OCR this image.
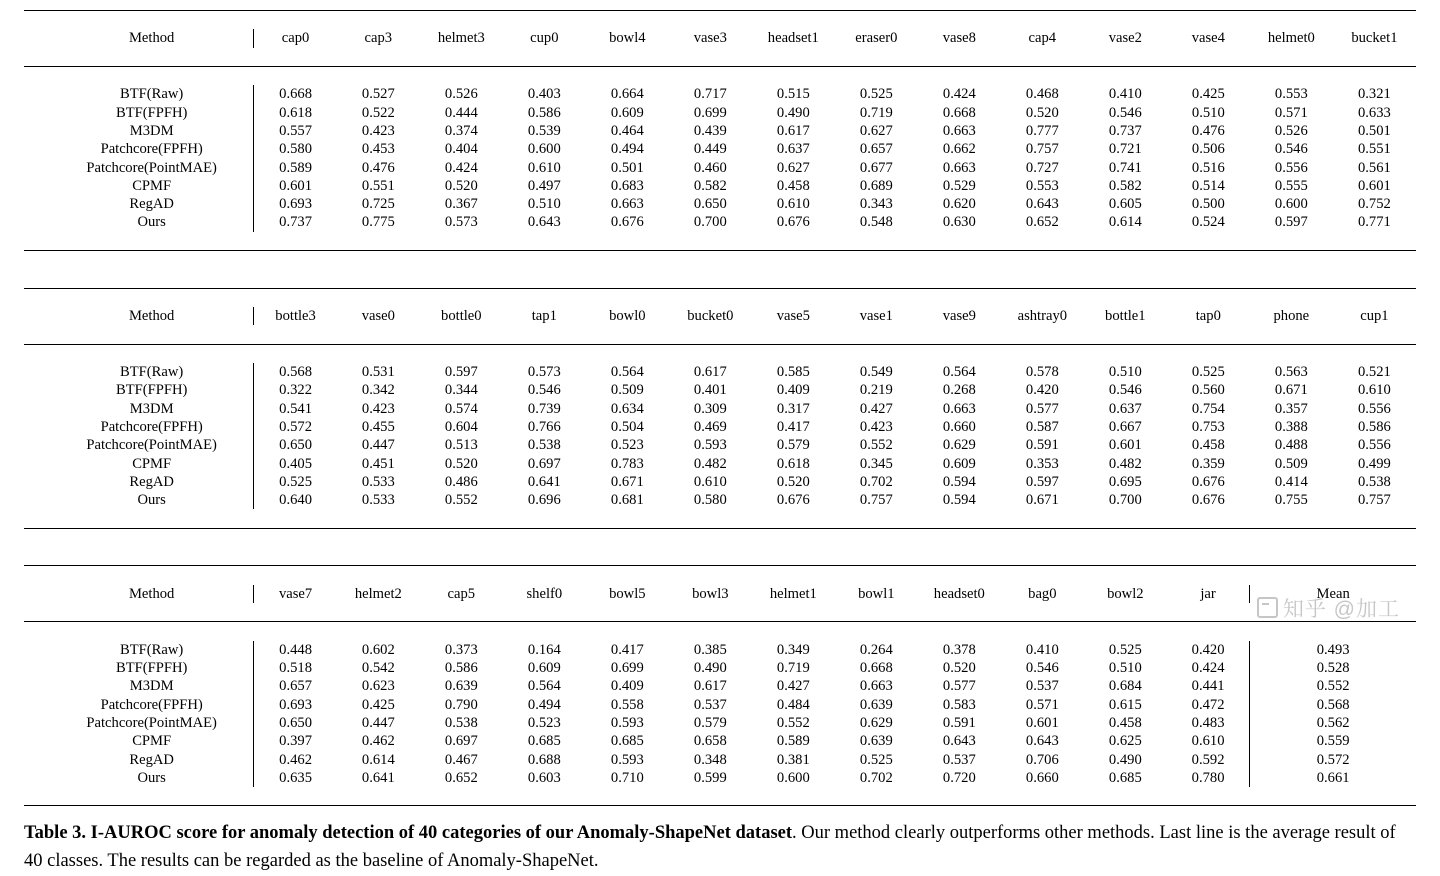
Method	cap0	cap3	helmet3	cup0	bowl4	vase3	headset1	eraser0	vase8	cap4	vase2	vase4	helmet0	bucket1

BTF(Raw)	0.668	0.527	0.526	0.403	0.664	0.717	0.515	0.525	0.424	0.468	0.410	0.425	0.553	0.321
BTF(FPFH)	0.618	0.522	0.444	0.586	0.609	0.699	0.490	0.719	0.668	0.520	0.546	0.510	0.571	0.633
M3DM	0.557	0.423	0.374	0.539	0.464	0.439	0.617	0.627	0.663	0.777	0.737	0.476	0.526	0.501
Patchcore(FPFH)	0.580	0.453	0.404	0.600	0.494	0.449	0.637	0.657	0.662	0.757	0.721	0.506	0.546	0.551
Patchcore(PointMAE)	0.589	0.476	0.424	0.610	0.501	0.460	0.627	0.677	0.663	0.727	0.741	0.516	0.556	0.561
CPMF	0.601	0.551	0.520	0.497	0.683	0.582	0.458	0.689	0.529	0.553	0.582	0.514	0.555	0.601
RegAD	0.693	0.725	0.367	0.510	0.663	0.650	0.610	0.343	0.620	0.643	0.605	0.500	0.600	0.752
Ours	0.737	0.775	0.573	0.643	0.676	0.700	0.676	0.548	0.630	0.652	0.614	0.524	0.597	0.771

Method	bottle3	vase0	bottle0	tap1	bowl0	bucket0	vase5	vase1	vase9	ashtray0	bottle1	tap0	phone	cup1

BTF(Raw)	0.568	0.531	0.597	0.573	0.564	0.617	0.585	0.549	0.564	0.578	0.510	0.525	0.563	0.521
BTF(FPFH)	0.322	0.342	0.344	0.546	0.509	0.401	0.409	0.219	0.268	0.420	0.546	0.560	0.671	0.610
M3DM	0.541	0.423	0.574	0.739	0.634	0.309	0.317	0.427	0.663	0.577	0.637	0.754	0.357	0.556
Patchcore(FPFH)	0.572	0.455	0.604	0.766	0.504	0.469	0.417	0.423	0.660	0.587	0.667	0.753	0.388	0.586
Patchcore(PointMAE)	0.650	0.447	0.513	0.538	0.523	0.593	0.579	0.552	0.629	0.591	0.601	0.458	0.488	0.556
CPMF	0.405	0.451	0.520	0.697	0.783	0.482	0.618	0.345	0.609	0.353	0.482	0.359	0.509	0.499
RegAD	0.525	0.533	0.486	0.641	0.671	0.610	0.520	0.702	0.594	0.597	0.695	0.676	0.414	0.538
Ours	0.640	0.533	0.552	0.696	0.681	0.580	0.676	0.757	0.594	0.671	0.700	0.676	0.755	0.757

Method	vase7	helmet2	cap5	shelf0	bowl5	bowl3	helmet1	bowl1	headset0	bag0	bowl2	jar	Mean	

BTF(Raw)	0.448	0.602	0.373	0.164	0.417	0.385	0.349	0.264	0.378	0.410	0.525	0.420	0.493	
BTF(FPFH)	0.518	0.542	0.586	0.609	0.699	0.490	0.719	0.668	0.520	0.546	0.510	0.424	0.528	
M3DM	0.657	0.623	0.639	0.564	0.409	0.617	0.427	0.663	0.577	0.537	0.684	0.441	0.552	
Patchcore(FPFH)	0.693	0.425	0.790	0.494	0.558	0.537	0.484	0.639	0.583	0.571	0.615	0.472	0.568	
Patchcore(PointMAE)	0.650	0.447	0.538	0.523	0.593	0.579	0.552	0.629	0.591	0.601	0.458	0.483	0.562	
CPMF	0.397	0.462	0.697	0.685	0.685	0.658	0.589	0.639	0.643	0.643	0.625	0.610	0.559	
RegAD	0.462	0.614	0.467	0.688	0.593	0.348	0.381	0.525	0.537	0.706	0.490	0.592	0.572	
Ours	0.635	0.641	0.652	0.603	0.710	0.599	0.600	0.702	0.720	0.660	0.685	0.780	0.661	

Table 3. I-AUROC score for anomaly detection of 40 categories of our Anomaly-ShapeNet dataset. Our method clearly outperforms other methods. Last line is the average result of 40 classes. The results can be regarded as the baseline of Anomaly-ShapeNet.
知乎 @加工
